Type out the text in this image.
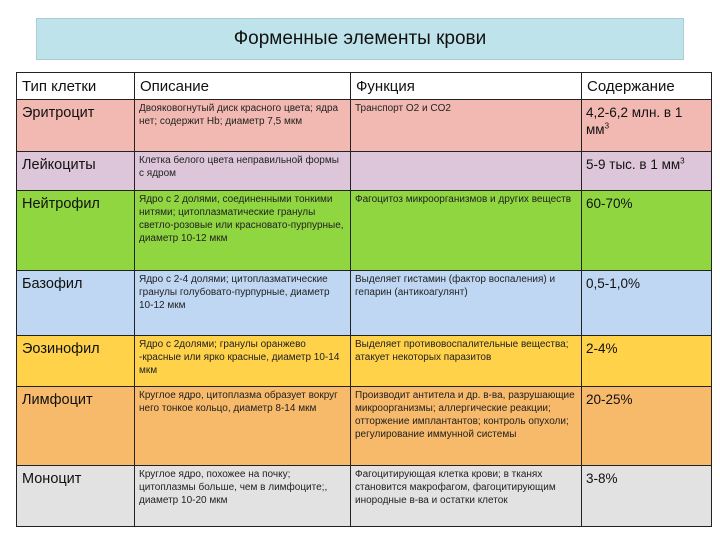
Форменные элементы крови
Тип клетки	Описание	Функция	Содержание
Эритроцит	Двояковогнутый диск красного цвета; ядра нет; содержит Hb; диаметр 7,5 мкм	Транспорт O2 и CO2	4,2-6,2 млн. в 1 $мм^3$
Лейкоциты	Клетка белого цвета неправильной формы с ядром		5-9 тыс. в 1 $мм^3$
Нейтрофил	Ядро с 2 долями, соединенными тонкими нитями; цитоплазматические гранулы светло-розовые или красновато-пурпурные, диаметр 10-12 мкм	Фагоцитоз микроорганизмов и других веществ	60-70%
Базофил	Ядро с 2-4 долями; цитоплазматические гранулы голубовато-пурпурные, диаметр 10-12 мкм	Выделяет гистамин (фактор воспаления) и гепарин (антикоагулянт)	0,5-1,0%
Эозинофил	Ядро с 2долями; гранулы оранжево -красные или ярко красные, диаметр 10-14 мкм	Выделяет противовоспалительные вещества; атакует некоторых паразитов	2-4%
Лимфоцит	Круглое ядро, цитоплазма образует вокруг него тонкое кольцо, диаметр 8-14 мкм	Производит антитела и др. в-ва, разрушающие микроорганизмы; аллергические реакции; отторжение имплантантов; контроль опухоли; регулирование иммунной системы	20-25%
Моноцит	Круглое ядро, похожее на почку; цитоплазмы больше, чем в лимфоците;, диаметр 10-20 мкм	Фагоцитирующая клетка крови; в тканях становится макрофагом, фагоцитирующим инородные в-ва и остатки клеток	3-8%
